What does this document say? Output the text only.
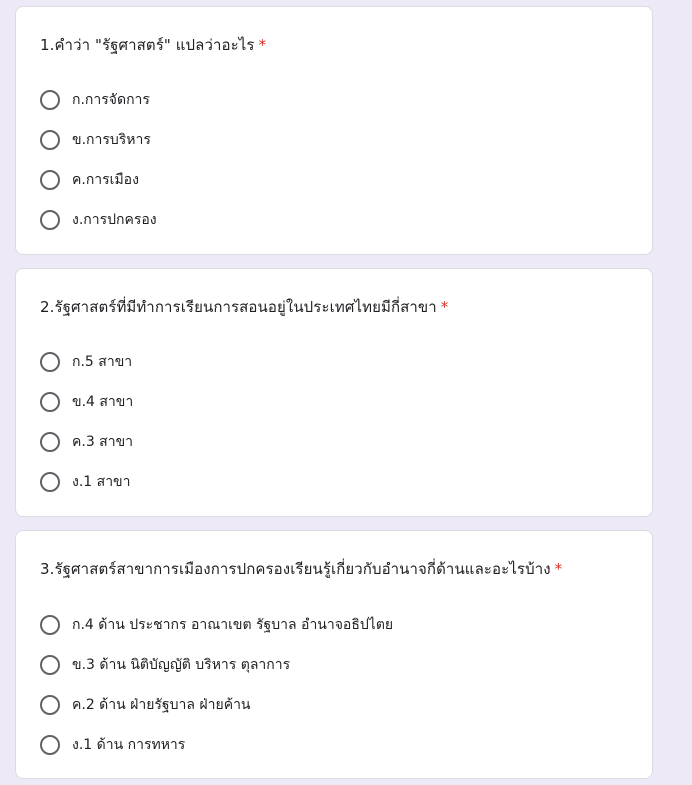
1.คำว่า "รัฐศาสตร์" แปลว่าอะไร *
ก.การจัดการ
ข.การบริหาร
ค.การเมือง
ง.การปกครอง
2.รัฐศาสตร์ที่มีทำการเรียนการสอนอยู่ในประเทศไทยมีกี่สาขา *
ก.5 สาขา
ข.4 สาขา
ค.3 สาขา
ง.1 สาขา
3.รัฐศาสตร์สาขาการเมืองการปกครองเรียนรู้เกี่ยวกับอำนาจกี่ด้านและอะไรบ้าง *
ก.4 ด้าน ประชากร อาณาเขต รัฐบาล อำนาจอธิปไตย
ข.3 ด้าน นิติบัญญัติ บริหาร ตุลาการ
ค.2 ด้าน ฝ่ายรัฐบาล ฝ่ายค้าน
ง.1 ด้าน การทหาร
